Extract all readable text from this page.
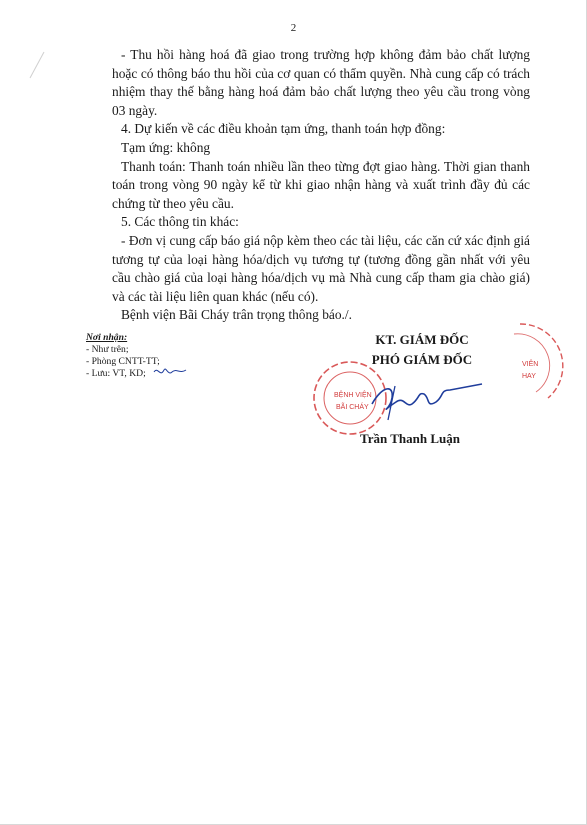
2

- Thu hồi hàng hoá đã giao trong trường hợp không đảm bảo chất lượng hoặc có thông báo thu hồi của cơ quan có thẩm quyền. Nhà cung cấp có trách nhiệm thay thế bằng hàng hoá đảm bảo chất lượng theo yêu cầu trong vòng 03 ngày.

4. Dự kiến về các điều khoản tạm ứng, thanh toán hợp đồng:

Tạm ứng: không

Thanh toán: Thanh toán nhiều lần theo từng đợt giao hàng. Thời gian thanh toán trong vòng 90 ngày kể từ khi giao nhận hàng và xuất trình đầy đủ các chứng từ theo yêu cầu.

5. Các thông tin khác:

- Đơn vị cung cấp báo giá nộp kèm theo các tài liệu, các căn cứ xác định giá tương tự của loại hàng hóa/dịch vụ tương tự (tương đồng gần nhất với yêu cầu chào giá của loại hàng hóa/dịch vụ mà Nhà cung cấp tham gia chào giá) và các tài liệu liên quan khác (nếu có).

Bệnh viện Bãi Cháy trân trọng thông báo./.

Nơi nhận:
- Như trên;
- Phòng CNTT-TT;
- Lưu: VT, KD;
KT. GIÁM ĐỐC
PHÓ GIÁM ĐỐC
Trần Thanh Luận
BỆNH VIỆN
BÃI CHÁY
VIÊN
HAY
